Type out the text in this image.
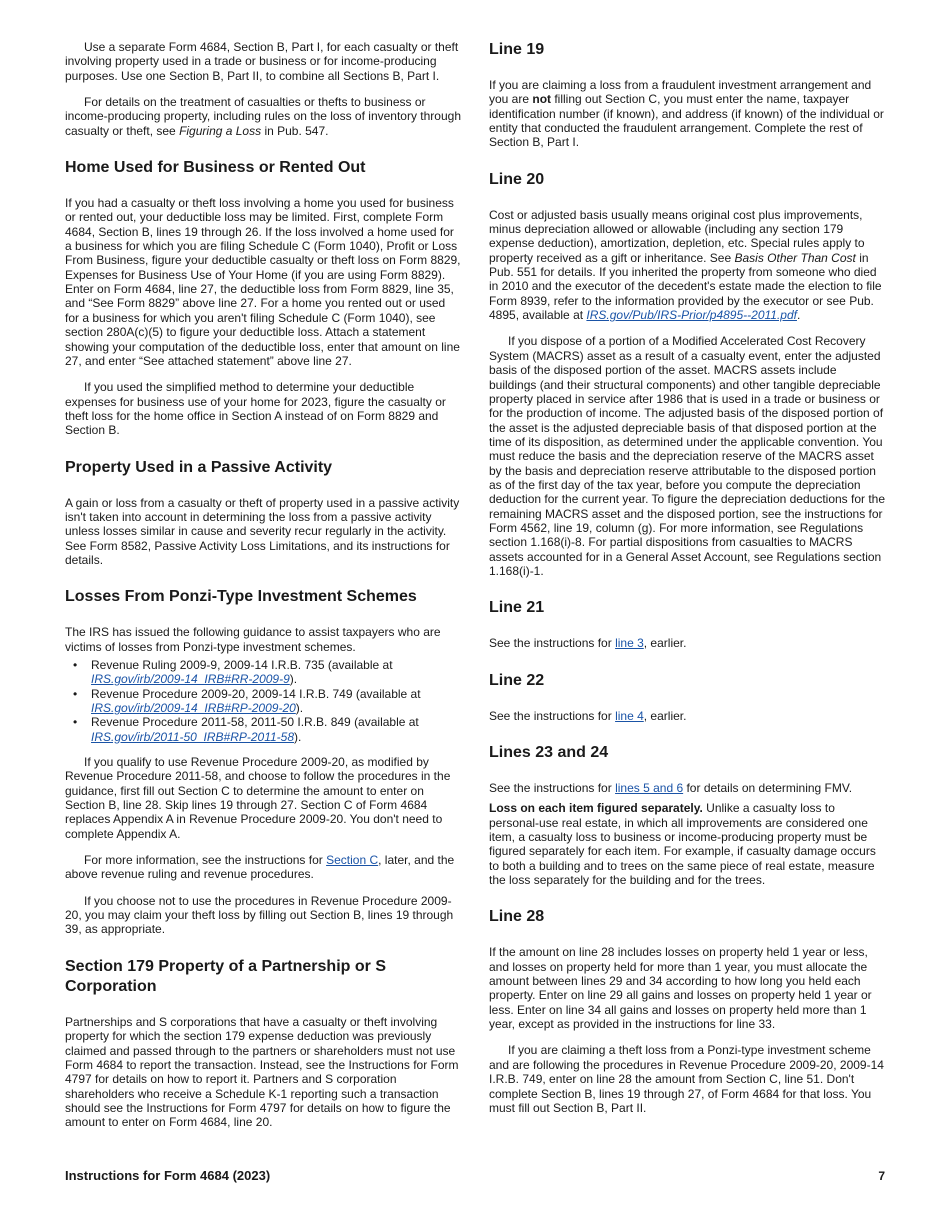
Use a separate Form 4684, Section B, Part I, for each casualty or theft involving property used in a trade or business or for income-producing purposes. Use one Section B, Part II, to combine all Sections B, Part I.

For details on the treatment of casualties or thefts to business or income-producing property, including rules on the loss of inventory through casualty or theft, see Figuring a Loss in Pub. 547.

Home Used for Business or Rented Out

If you had a casualty or theft loss involving a home you used for business or rented out, your deductible loss may be limited. First, complete Form 4684, Section B, lines 19 through 26. If the loss involved a home used for a business for which you are filing Schedule C (Form 1040), Profit or Loss From Business, figure your deductible casualty or theft loss on Form 8829, Expenses for Business Use of Your Home (if you are using Form 8829). Enter on Form 4684, line 27, the deductible loss from Form 8829, line 35, and “See Form 8829” above line 27. For a home you rented out or used for a business for which you aren't filing Schedule C (Form 1040), see section 280A(c)(5) to figure your deductible loss. Attach a statement showing your computation of the deductible loss, enter that amount on line 27, and enter “See attached statement” above line 27.

If you used the simplified method to determine your deductible expenses for business use of your home for 2023, figure the casualty or theft loss for the home office in Section A instead of on Form 8829 and Section B.

Property Used in a Passive Activity

A gain or loss from a casualty or theft of property used in a passive activity isn't taken into account in determining the loss from a passive activity unless losses similar in cause and severity recur regularly in the activity. See Form 8582, Passive Activity Loss Limitations, and its instructions for details.

Losses From Ponzi-Type Investment Schemes

The IRS has issued the following guidance to assist taxpayers who are victims of losses from Ponzi-type investment schemes.

• Revenue Ruling 2009-9, 2009-14 I.R.B. 735 (available at IRS.gov/irb/2009-14_IRB#RR-2009-9).
• Revenue Procedure 2009-20, 2009-14 I.R.B. 749 (available at IRS.gov/irb/2009-14_IRB#RP-2009-20).
• Revenue Procedure 2011-58, 2011-50 I.R.B. 849 (available at IRS.gov/irb/2011-50_IRB#RP-2011-58).

If you qualify to use Revenue Procedure 2009-20, as modified by Revenue Procedure 2011-58, and choose to follow the procedures in the guidance, first fill out Section C to determine the amount to enter on Section B, line 28. Skip lines 19 through 27. Section C of Form 4684 replaces Appendix A in Revenue Procedure 2009-20. You don't need to complete Appendix A.

For more information, see the instructions for Section C, later, and the above revenue ruling and revenue procedures.

If you choose not to use the procedures in Revenue Procedure 2009-20, you may claim your theft loss by filling out Section B, lines 19 through 39, as appropriate.

Section 179 Property of a Partnership or S Corporation

Partnerships and S corporations that have a casualty or theft involving property for which the section 179 expense deduction was previously claimed and passed through to the partners or shareholders must not use Form 4684 to report the transaction. Instead, see the Instructions for Form 4797 for details on how to report it. Partners and S corporation shareholders who receive a Schedule K-1 reporting such a transaction should see the Instructions for Form 4797 for details on how to figure the amount to enter on Form 4684, line 20.

Line 19

If you are claiming a loss from a fraudulent investment arrangement and you are not filling out Section C, you must enter the name, taxpayer identification number (if known), and address (if known) of the individual or entity that conducted the fraudulent arrangement. Complete the rest of Section B, Part I.

Line 20

Cost or adjusted basis usually means original cost plus improvements, minus depreciation allowed or allowable (including any section 179 expense deduction), amortization, depletion, etc. Special rules apply to property received as a gift or inheritance. See Basis Other Than Cost in Pub. 551 for details. If you inherited the property from someone who died in 2010 and the executor of the decedent's estate made the election to file Form 8939, refer to the information provided by the executor or see Pub. 4895, available at IRS.gov/Pub/IRS-Prior/p4895--2011.pdf.

If you dispose of a portion of a Modified Accelerated Cost Recovery System (MACRS) asset as a result of a casualty event, enter the adjusted basis of the disposed portion of the asset. MACRS assets include buildings (and their structural components) and other tangible depreciable property placed in service after 1986 that is used in a trade or business or for the production of income. The adjusted basis of the disposed portion of the asset is the adjusted depreciable basis of that disposed portion at the time of its disposition, as determined under the applicable convention. You must reduce the basis and the depreciation reserve of the MACRS asset by the basis and depreciation reserve attributable to the disposed portion as of the first day of the tax year, before you compute the depreciation deduction for the current year. To figure the depreciation deductions for the remaining MACRS asset and the disposed portion, see the instructions for Form 4562, line 19, column (g). For more information, see Regulations section 1.168(i)-8. For partial dispositions from casualties to MACRS assets accounted for in a General Asset Account, see Regulations section 1.168(i)-1.

Line 21

See the instructions for line 3, earlier.

Line 22

See the instructions for line 4, earlier.

Lines 23 and 24

See the instructions for lines 5 and 6 for details on determining FMV.

Loss on each item figured separately. Unlike a casualty loss to personal-use real estate, in which all improvements are considered one item, a casualty loss to business or income-producing property must be figured separately for each item. For example, if casualty damage occurs to both a building and to trees on the same piece of real estate, measure the loss separately for the building and for the trees.

Line 28

If the amount on line 28 includes losses on property held 1 year or less, and losses on property held for more than 1 year, you must allocate the amount between lines 29 and 34 according to how long you held each property. Enter on line 29 all gains and losses on property held 1 year or less. Enter on line 34 all gains and losses on property held more than 1 year, except as provided in the instructions for line 33.

If you are claiming a theft loss from a Ponzi-type investment scheme and are following the procedures in Revenue Procedure 2009-20, 2009-14 I.R.B. 749, enter on line 28 the amount from Section C, line 51. Don't complete Section B, lines 19 through 27, of Form 4684 for that loss. You must fill out Section B, Part II.

Instructions for Form 4684 (2023)	7
